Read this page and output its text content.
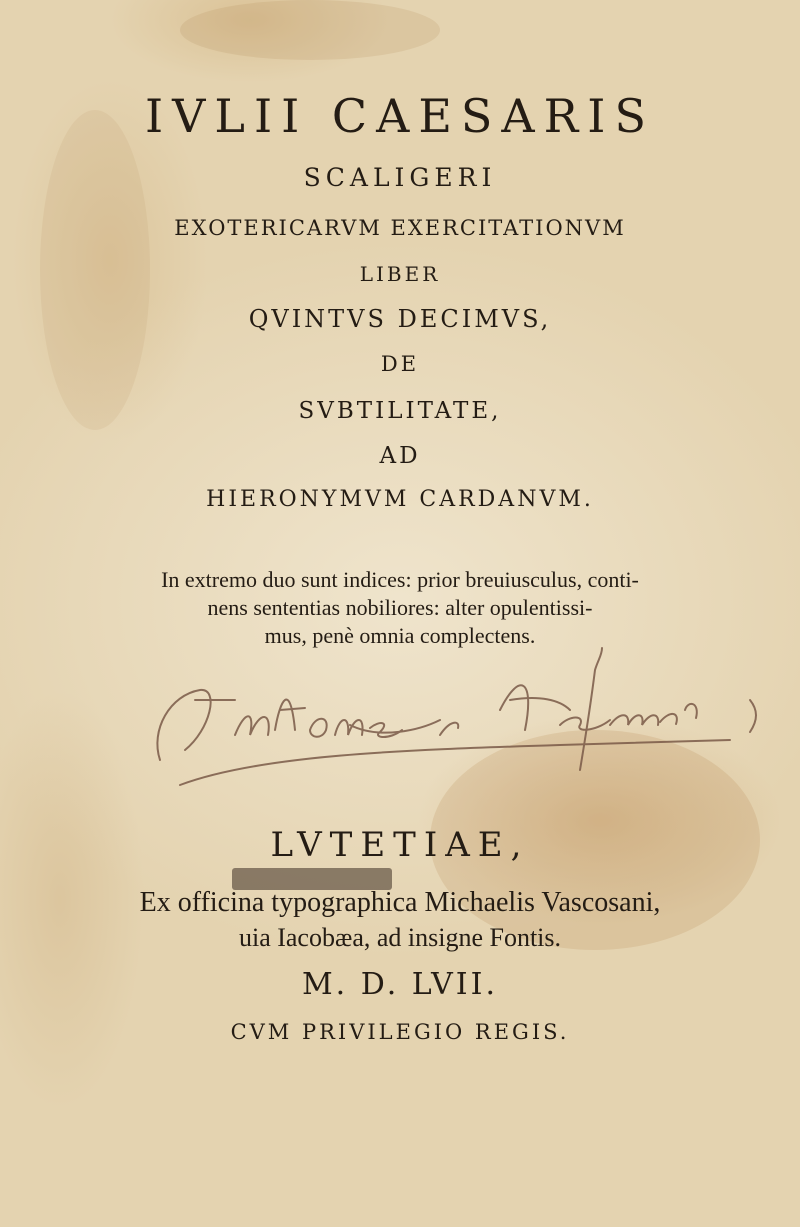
IVLII CAESARIS

SCALIGERI

EXOTERICARVM EXERCITATIONVM

LIBER

QVINTVS DECIMVS,

DE

SVBTILITATE,

AD

HIERONYMVM CARDANVM.

In extremo duo sunt indices: prior breuiusculus, conti-

nens sententias nobiliores: alter opulentissi-

mus, penè omnia complectens.

LVTETIAE,

Ex officina typographica Michaelis Vascosani,

uia Iacobæa, ad insigne Fontis.

M. D. LVII.

CVM PRIVILEGIO REGIS.
